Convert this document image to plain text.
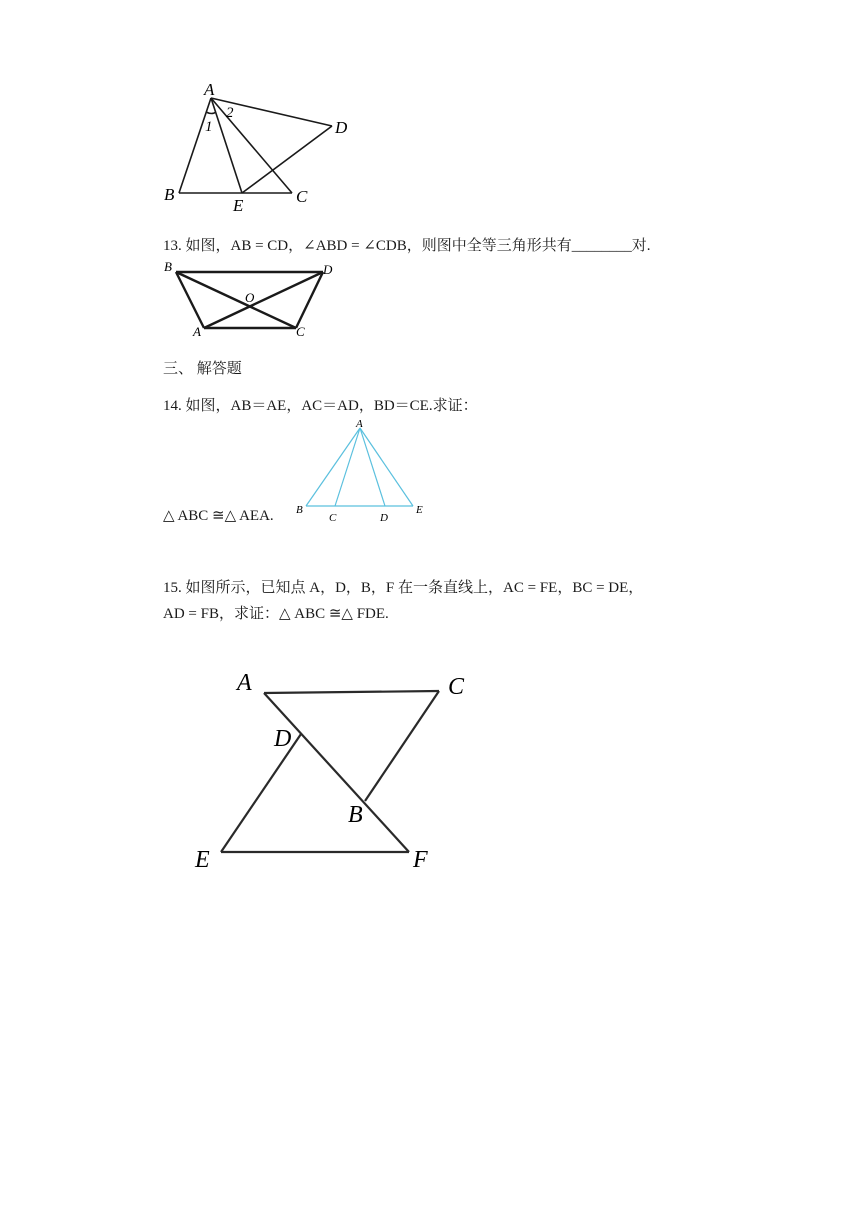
A
2
1	D
B
E	C
13. 如图，AB = CD，∠ABD = ∠CDB，则图中全等三角形共有________对.
B	D
O
A	C
三、 解答题
14. 如图，AB＝AE，AC＝AD，BD＝CE.求证：
A
B
C	D
E
△ ABC ≅△ AEA.
15. 如图所示，已知点 A，D，B，F 在一条直线上，AC = FE，BC = DE，
AD = FB，求证：△ ABC ≅△ FDE.
A	C
D
B
E	F
